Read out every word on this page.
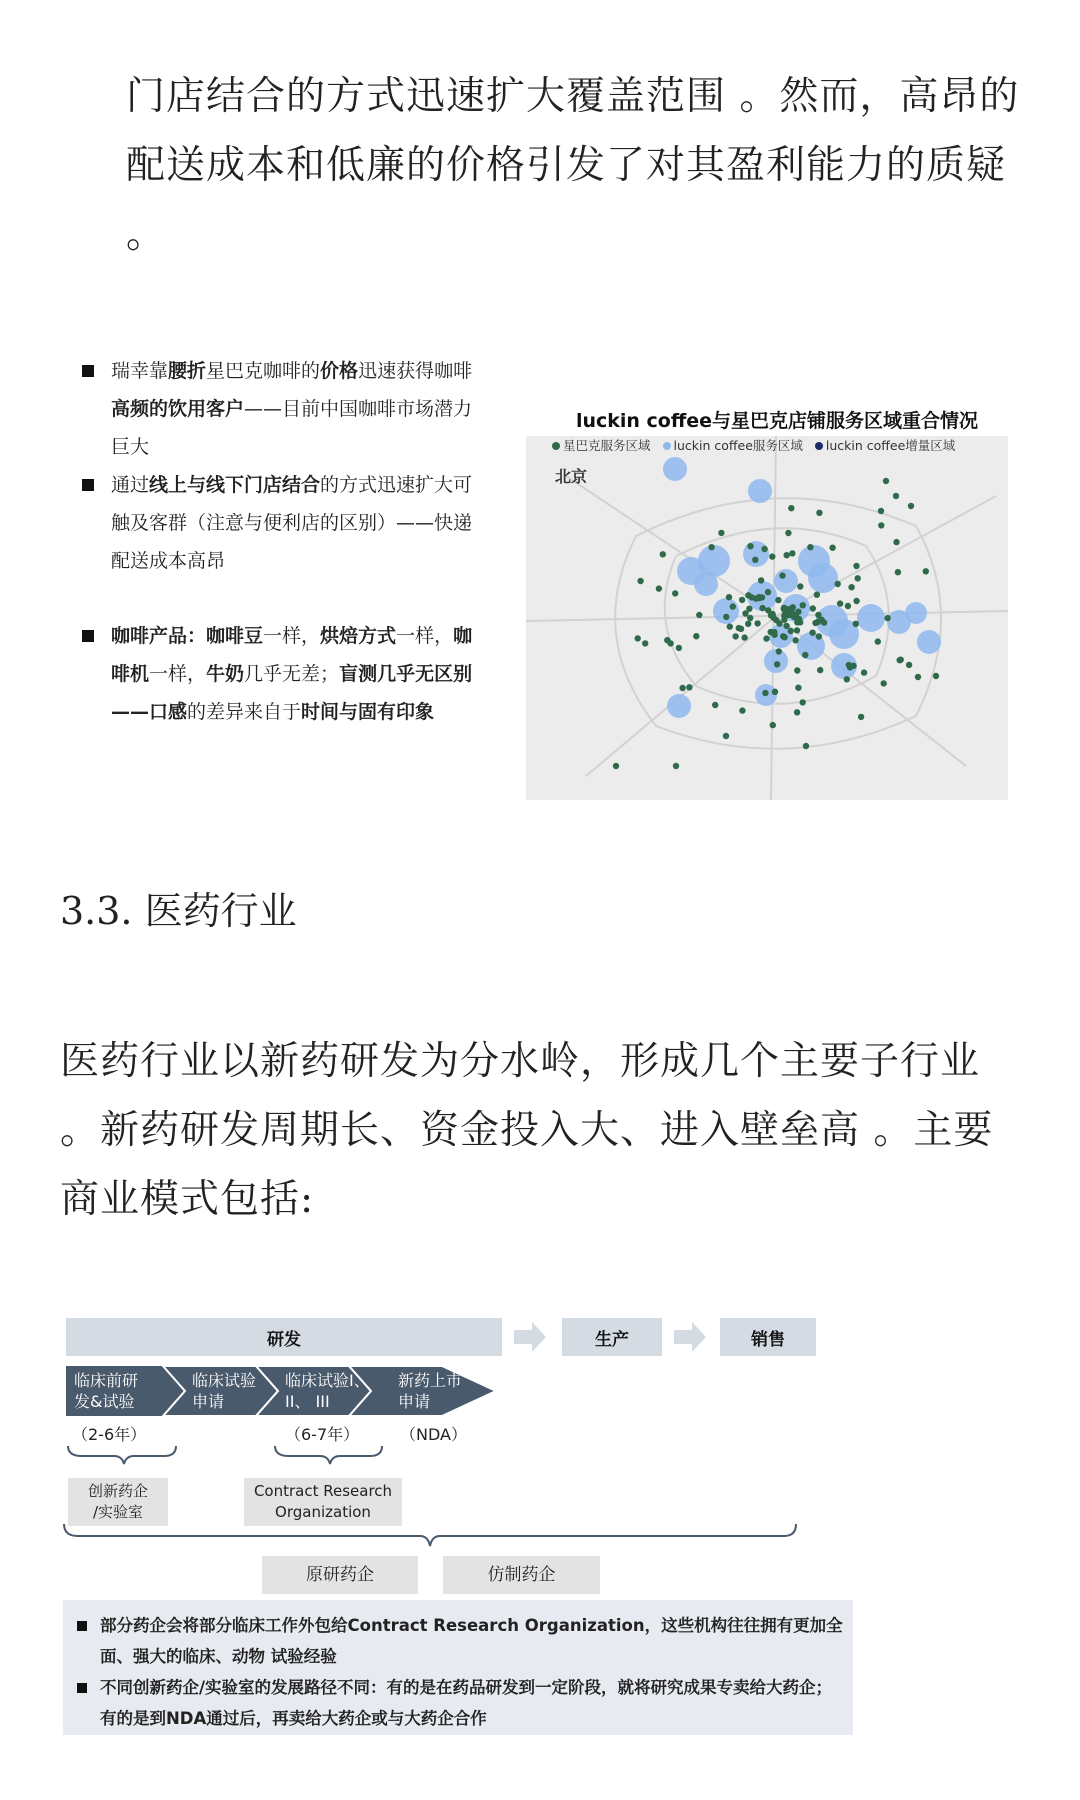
门店结合的方式迅速扩大覆盖范围 。然而，高昂的配送成本和低廉的价格引发了对其盈利能力的质疑 。
瑞幸靠腰折星巴克咖啡的价格迅速获得咖啡高频的饮用客户——目前中国咖啡市场潜力巨大
通过线上与线下门店结合的方式迅速扩大可触及客群（注意与便利店的区别）——快递配送成本高昂
咖啡产品：咖啡豆一样，烘焙方式一样，咖啡机一样，牛奶几乎无差；盲测几乎无区别——口感的差异来自于时间与固有印象
luckin coffee与星巴克店铺服务区域重合情况
星巴克服务区域	luckin coffee服务区域	luckin coffee增量区域
北京
3.3. 医药行业
医药行业以新药研发为分水岭，形成几个主要子行业 。新药研发周期长、资金投入大、进入壁垒高 。主要商业模式包括:
研发	生产	销售
临床前研
发&试验
临床试验
申请
临床试验I、
II、 III
新药上市
申请
（2-6年）	（6-7年）	（NDA）
创新药企
/实验室
Contract Research
Organization
原研药企	仿制药企
部分药企会将部分临床工作外包给Contract Research Organization，这些机构往往拥有更加全面、强大的临床、动物 试验经验
不同创新药企/实验室的发展路径不同：有的是在药品研发到一定阶段，就将研究成果专卖给大药企；有的是到NDA通过后，再卖给大药企或与大药企合作
